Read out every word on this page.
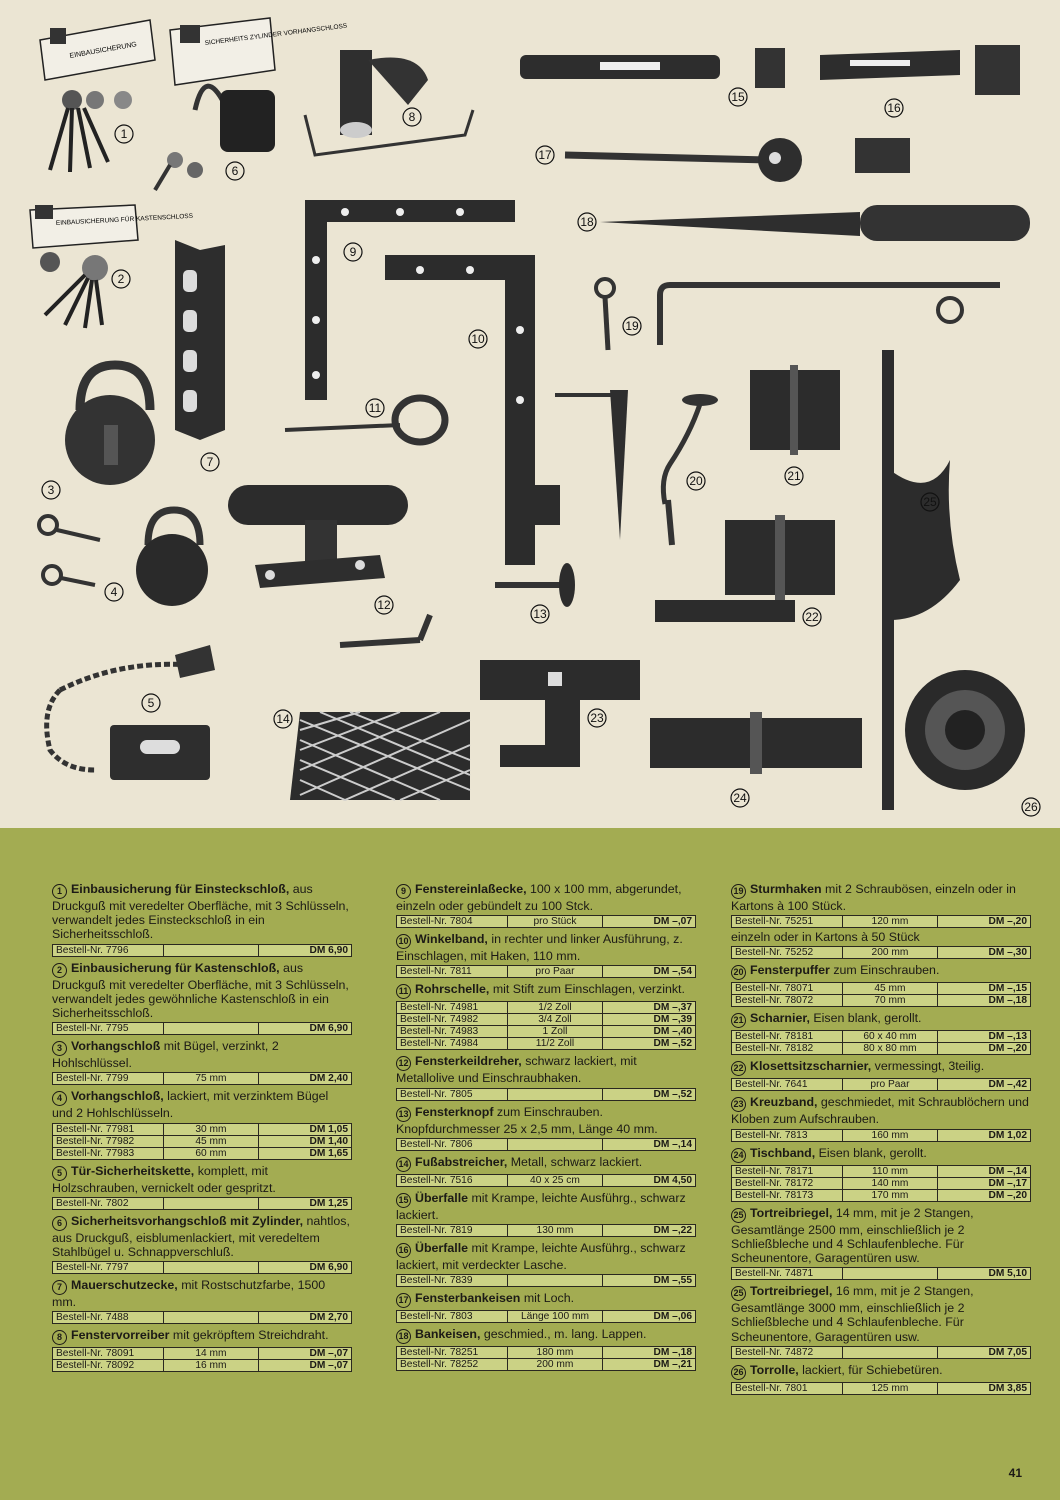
EINBAUSICHERUNG
SICHERHEITS ZYLINDER VORHANGSCHLOSS
EINBAUSICHERUNG FÜR KASTENSCHLOSS
1
2
3
4
5
6
7
8
9
10
11
12
13
14
15
16
17
18
19
20	21
22
23
24
25
26

1 Einbausicherung für Einsteckschloß, aus Druckguß mit veredelter Oberfläche, mit 3 Schlüsseln, verwandelt jedes Einsteckschloß in ein Sicherheitsschloß.

Bestell-Nr. 7796		DM 6,90

2 Einbausicherung für Kastenschloß, aus Druckguß mit veredelter Oberfläche, mit 3 Schlüsseln, verwandelt jedes gewöhnliche Kastenschloß in ein Sicherheitsschloß.

Bestell-Nr. 7795		DM 6,90

3 Vorhangschloß mit Bügel, verzinkt, 2 Hohlschlüssel.

Bestell-Nr. 7799	75 mm	DM 2,40

4 Vorhangschloß, lackiert, mit verzinktem Bügel und 2 Hohlschlüsseln.

Bestell-Nr. 77981	30 mm	DM 1,05
Bestell-Nr. 77982	45 mm	DM 1,40
Bestell-Nr. 77983	60 mm	DM 1,65

5 Tür-Sicherheitskette, komplett, mit Holzschrauben, vernickelt oder gespritzt.

Bestell-Nr. 7802		DM 1,25

6 Sicherheitsvorhangschloß mit Zylinder, nahtlos, aus Druckguß, eisblumenlackiert, mit veredeltem Stahlbügel u. Schnappverschluß.

Bestell-Nr. 7797		DM 6,90

7 Mauerschutzecke, mit Rostschutzfarbe, 1500 mm.

Bestell-Nr. 7488		DM 2,70

8 Fenstervorreiber mit gekröpftem Streichdraht.

Bestell-Nr. 78091	14 mm	DM –,07
Bestell-Nr. 78092	16 mm	DM –,07

9 Fenstereinlaßecke, 100 x 100 mm, abgerundet, einzeln oder gebündelt zu 100 Stck.

Bestell-Nr. 7804	pro Stück	DM –,07

10 Winkelband, in rechter und linker Ausführung, z. Einschlagen, mit Haken, 110 mm.

Bestell-Nr. 7811	pro Paar	DM –,54

11 Rohrschelle, mit Stift zum Einschlagen, verzinkt.

Bestell-Nr. 74981	1/2 Zoll	DM –,37
Bestell-Nr. 74982	3/4 Zoll	DM –,39
Bestell-Nr. 74983	1 Zoll	DM –,40
Bestell-Nr. 74984	11/2 Zoll	DM –,52

12 Fensterkeildreher, schwarz lackiert, mit Metallolive und Einschraubhaken.

Bestell-Nr. 7805		DM –,52

13 Fensterknopf zum Einschrauben. Knopfdurchmesser 25 x 2,5 mm, Länge 40 mm.

Bestell-Nr. 7806		DM –,14

14 Fußabstreicher, Metall, schwarz lackiert.

Bestell-Nr. 7516	40 x 25 cm	DM 4,50

15 Überfalle mit Krampe, leichte Ausführg., schwarz lackiert.

Bestell-Nr. 7819	130 mm	DM –,22

16 Überfalle mit Krampe, leichte Ausführg., schwarz lackiert, mit verdeckter Lasche.

Bestell-Nr. 7839		DM –,55

17 Fensterbankeisen mit Loch.

Bestell-Nr. 7803	Länge 100 mm	DM –,06

18 Bankeisen, geschmied., m. lang. Lappen.

Bestell-Nr. 78251	180 mm	DM –,18
Bestell-Nr. 78252	200 mm	DM –,21

19 Sturmhaken mit 2 Schraubösen, einzeln oder in Kartons à 100 Stück.

Bestell-Nr. 75251	120 mm	DM –,20

einzeln oder in Kartons à 50 Stück

Bestell-Nr. 75252	200 mm	DM –,30

20 Fensterpuffer zum Einschrauben.

Bestell-Nr. 78071	45 mm	DM –,15
Bestell-Nr. 78072	70 mm	DM –,18

21 Scharnier, Eisen blank, gerollt.

Bestell-Nr. 78181	60 x 40 mm	DM –,13
Bestell-Nr. 78182	80 x 80 mm	DM –,20

22 Klosettsitzscharnier, vermessingt, 3teilig.

Bestell-Nr. 7641	pro Paar	DM –,42

23 Kreuzband, geschmiedet, mit Schraublöchern und Kloben zum Aufschrauben.

Bestell-Nr. 7813	160 mm	DM 1,02

24 Tischband, Eisen blank, gerollt.

Bestell-Nr. 78171	110 mm	DM –,14
Bestell-Nr. 78172	140 mm	DM –,17
Bestell-Nr. 78173	170 mm	DM –,20

25 Tortreibriegel, 14 mm, mit je 2 Stangen, Gesamtlänge 2500 mm, einschließlich je 2 Schließbleche und 4 Schlaufenbleche. Für Scheunentore, Garagentüren usw.

Bestell-Nr. 74871		DM 5,10

25 Tortreibriegel, 16 mm, mit je 2 Stangen, Gesamtlänge 3000 mm, einschließlich je 2 Schließbleche und 4 Schlaufenbleche. Für Scheunentore, Garagentüren usw.

Bestell-Nr. 74872		DM 7,05

26 Torrolle, lackiert, für Schiebetüren.

Bestell-Nr. 7801	125 mm	DM 3,85
41
